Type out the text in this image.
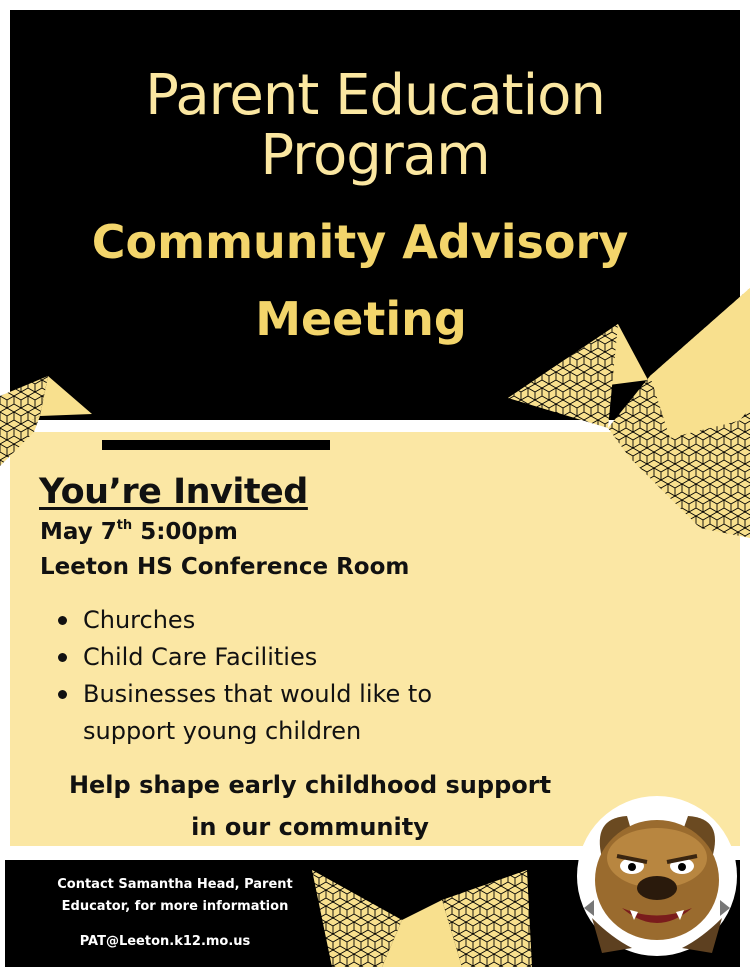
Parent Education
Program
Community Advisory
Meeting
You’re Invited
May 7th 5:00pm
Leeton HS Conference Room
Churches
Child Care Facilities
Businesses that would like to support young children
Help shape early childhood support
in our community
Contact Samantha Head, Parent
Educator, for more information
PAT@Leeton.k12.mo.us
